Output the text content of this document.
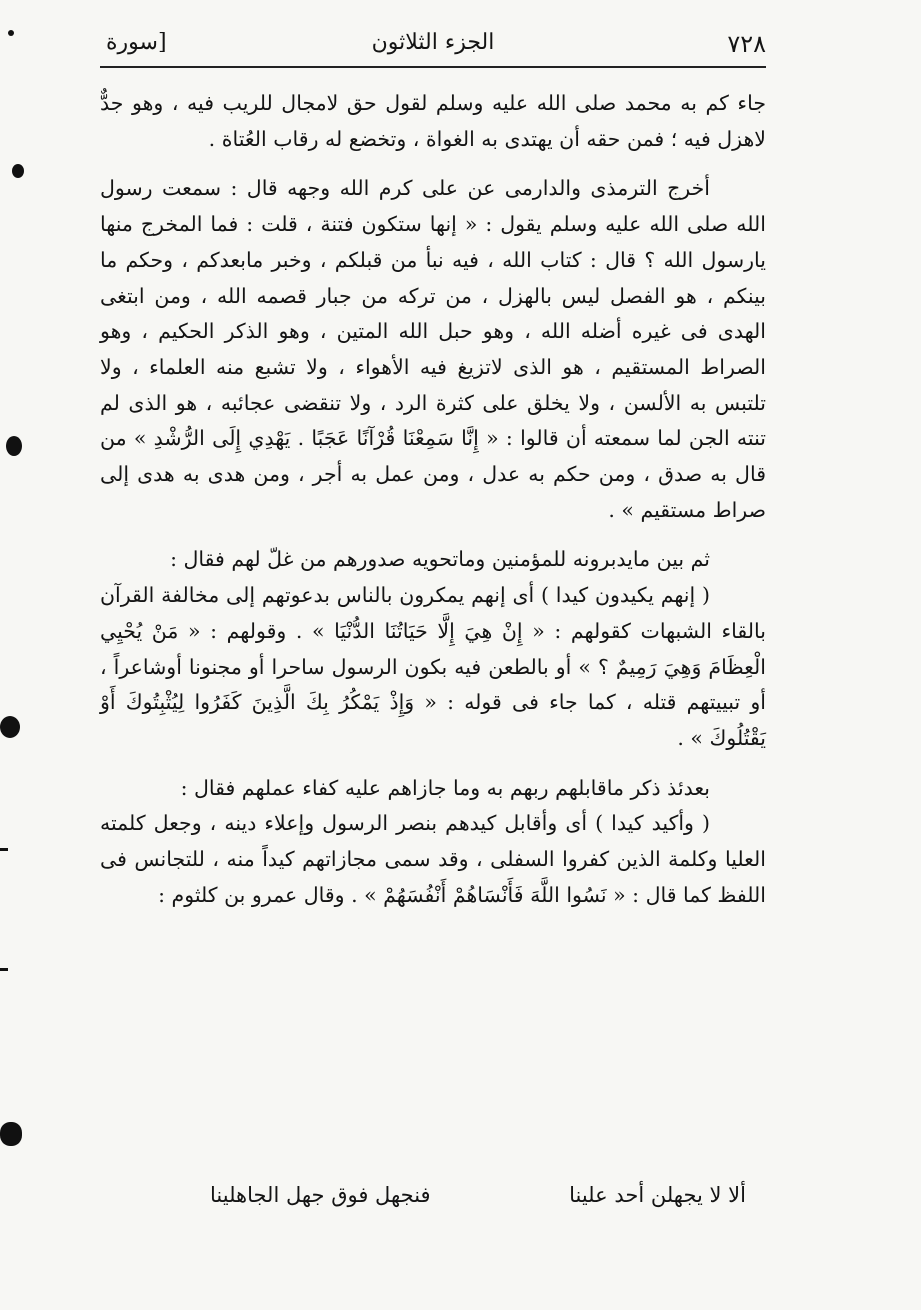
٧٢٨
الجزء الثلاثون
[سورة

جاء كم به محمد صلى الله عليه وسلم لقول حق لامجال للريب فيه ، وهو جدٌّ لاهزل فيه ؛ فمن حقه أن يهتدى به الغواة ، وتخضع له رقاب العُتاة .

أخرج الترمذى والدارمى عن على كرم الله وجهه قال : سمعت رسول الله صلى الله عليه وسلم يقول : « إنها ستكون فتنة ، قلت : فما المخرج منها يارسول الله ؟ قال : كتاب الله ، فيه نبأ من قبلكم ، وخبر مابعدكم ، وحكم ما بينكم ، هو الفصل ليس بالهزل ، من تركه من جبار قصمه الله ، ومن ابتغى الهدى فى غيره أضله الله ، وهو حبل الله المتين ، وهو الذكر الحكيم ، وهو الصراط المستقيم ، هو الذى لاتزيغ فيه الأهواء ، ولا تشبع منه العلماء ، ولا تلتبس به الألسن ، ولا يخلق على كثرة الرد ، ولا تنقضى عجائبه ، هو الذى لم تنته الجن لما سمعته أن قالوا : « إِنَّا سَمِعْنَا قُرْآنًا عَجَبًا . يَهْدِي إِلَى الرُّشْدِ » من قال به صدق ، ومن حكم به عدل ، ومن عمل به أجر ، ومن هدى به هدى إلى صراط مستقيم » .

ثم بين مايدبرونه للمؤمنين وماتحويه صدورهم من غلّ لهم فقال :

( إنهم يكيدون كيدا ) أى إنهم يمكرون بالناس بدعوتهم إلى مخالفة القرآن بالقاء الشبهات كقولهم : « إِنْ هِيَ إِلَّا حَيَاتُنَا الدُّنْيَا » . وقولهم : « مَنْ يُحْيِي الْعِظَامَ وَهِيَ رَمِيمٌ ؟ » أو بالطعن فيه بكون الرسول ساحرا أو مجنونا أوشاعراً ، أو تبييتهم قتله ، كما جاء فى قوله : « وَإِذْ يَمْكُرُ بِكَ الَّذِينَ كَفَرُوا لِيُثْبِتُوكَ أَوْ يَقْتُلُوكَ » .

بعدئذ ذكر ماقابلهم ربهم به وما جازاهم عليه كفاء عملهم فقال :

( وأكيد كيدا ) أى وأقابل كيدهم بنصر الرسول وإعلاء دينه ، وجعل كلمته العليا وكلمة الذين كفروا السفلى ، وقد سمى مجازاتهم كيداً منه ، للتجانس فى اللفظ كما قال : « نَسُوا اللَّهَ فَأَنْسَاهُمْ أَنْفُسَهُمْ » . وقال عمرو بن كلثوم :

ألا لا يجهلن أحد علينا
فنجهل فوق جهل الجاهلينا
